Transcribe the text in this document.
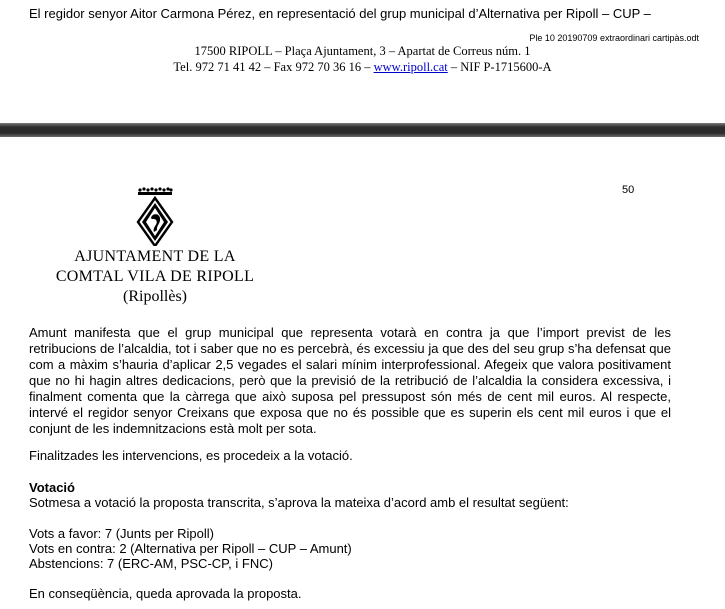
El regidor senyor Aitor Carmona Pérez, en representació del grup municipal d’Alternativa per Ripoll – CUP –
Ple 10 20190709 extraordinari cartipàs.odt
17500 RIPOLL – Plaça Ajuntament, 3 – Apartat de Correus núm. 1
Tel. 972 71 41 42 – Fax 972 70 36 16 – www.ripoll.cat – NIF P-1715600-A
50
AJUNTAMENT DE LA
COMTAL VILA DE RIPOLL
(Ripollès)
Amunt manifesta que el grup municipal que representa votarà en contra ja que l’import previst de les retribucions de l’alcaldia, tot i saber que no es percebrà, és excessiu ja que des del seu grup s’ha defensat que com a màxim s’hauria d’aplicar 2,5 vegades el salari mínim interprofessional. Afegeix que valora positivament que no hi hagin altres dedicacions, però que la previsió de la retribució de l’alcaldia la considera excessiva, i finalment comenta que la càrrega que això suposa pel pressupost són més de cent mil euros. Al respecte, intervé el regidor senyor Creixans que exposa que no és possible que es superin els cent mil euros i que el conjunt de les indemnitzacions està molt per sota.
Finalitzades les intervencions, es procedeix a la votació.
Votació
Sotmesa a votació la proposta transcrita, s’aprova la mateixa d’acord amb el resultat següent:
Vots a favor: 7 (Junts per Ripoll)
Vots en contra: 2 (Alternativa per Ripoll – CUP – Amunt)
Abstencions: 7 (ERC-AM, PSC-CP, i FNC)
En conseqüència, queda aprovada la proposta.
